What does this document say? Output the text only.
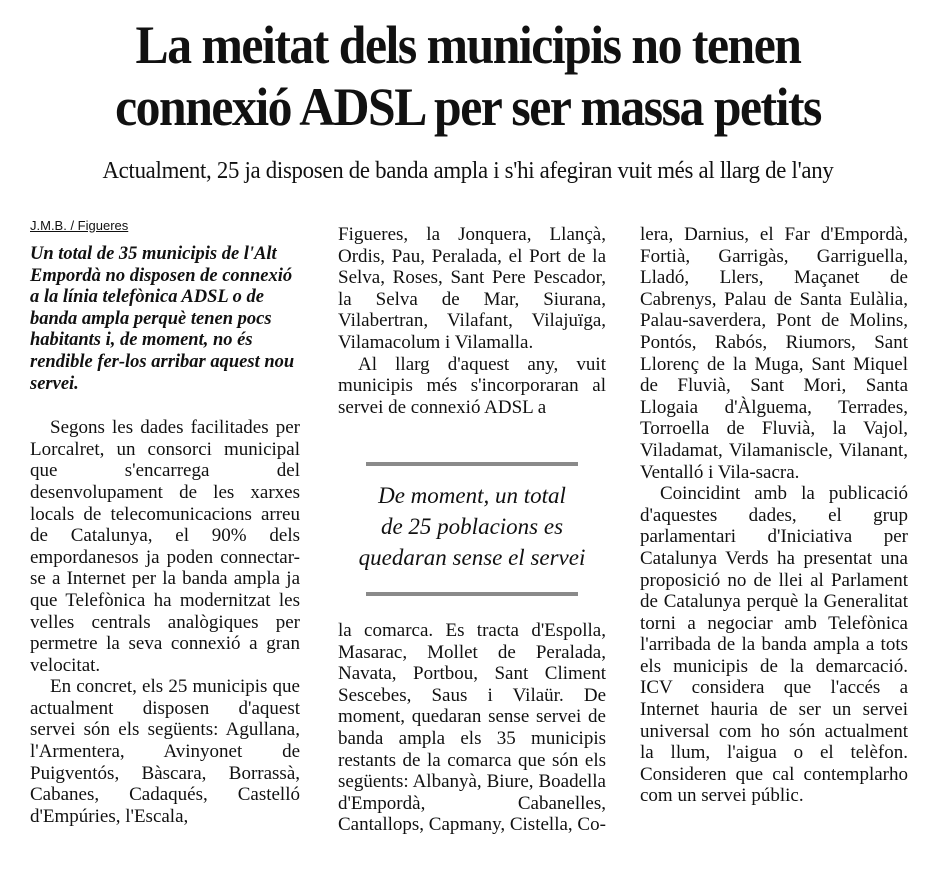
La meitat dels municipis no tenen
connexió ADSL per ser massa petits
Actualment, 25 ja disposen de banda ampla i s'hi afegiran vuit més al llarg de l'any
J.M.B. / Figueres

Un total de 35 municipis de l'Alt Empordà no disposen de connexió a la línia telefònica ADSL o de banda ampla perquè tenen pocs habitants i, de moment, no és rendible fer-los arribar aquest nou servei.

Segons les dades facilitades per Lorcalret, un consorci municipal que s'encarrega del desenvolupament de les xarxes locals de telecomunicacions arreu de Catalunya, el 90% dels empordanesos ja poden connectar-se a Internet per la banda ampla ja que Telefònica ha modernitzat les velles centrals analògiques per permetre la seva connexió a gran velocitat.

En concret, els 25 municipis que actualment disposen d'aquest servei són els següents: Agullana, l'Armentera, Avinyonet de Puigventós, Bàscara, Borrassà, Cabanes, Cadaqués, Castelló d'Empúries, l'Escala,

Figueres, la Jonquera, Llançà, Ordis, Pau, Peralada, el Port de la Selva, Roses, Sant Pere Pescador, la Selva de Mar, Siurana, Vilabertran, Vilafant, Vilajuïga, Vilamacolum i Vilamalla.

Al llarg d'aquest any, vuit municipis més s'incorporaran al servei de connexió ADSL a

De moment, un total
de 25 poblacions es
quedaran sense el servei

la comarca. Es tracta d'Espolla, Masarac, Mollet de Peralada, Navata, Portbou, Sant Climent Sescebes, Saus i Vilaür. De moment, quedaran sense servei de banda ampla els 35 municipis restants de la comarca que són els següents: Albanyà, Biure, Boadella d'Empordà, Cabanelles, Cantallops, Capmany, Cistella, Co-

lera, Darnius, el Far d'Empordà, Fortià, Garrigàs, Garriguella, Lladó, Llers, Maçanet de Cabrenys, Palau de Santa Eulàlia, Palau-saverdera, Pont de Molins, Pontós, Rabós, Riumors, Sant Llorenç de la Muga, Sant Miquel de Fluvià, Sant Mori, Santa Llogaia d'Àlguema, Terrades, Torroella de Fluvià, la Vajol, Viladamat, Vilamaniscle, Vilanant, Ventalló i Vila-sacra.

Coincidint amb la publicació d'aquestes dades, el grup parlamentari d'Iniciativa per Catalunya Verds ha presentat una proposició no de llei al Parlament de Catalunya perquè la Generalitat torni a negociar amb Telefònica l'arribada de la banda ampla a tots els municipis de la demarcació. ICV considera que l'accés a Internet hauria de ser un servei universal com ho són actualment la llum, l'aigua o el telèfon. Consideren que cal contemplarho com un servei públic.
